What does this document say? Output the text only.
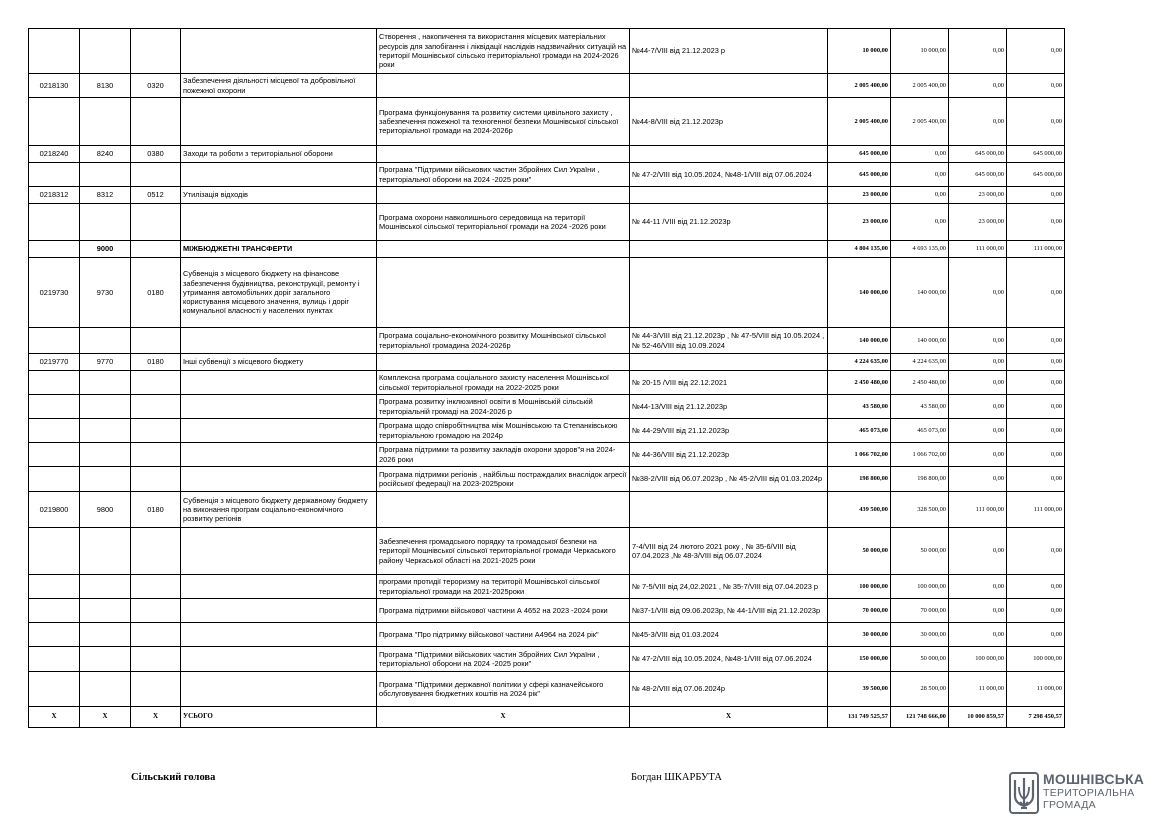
				Створення , накопичення та використання місцевих матеріальних ресурсів для запобігання і ліквідації наслідків надзвичайних ситуацій на території Мошнівської сільсько ітериторіальної громади на 2024-2026 роки	№44-7/VIII від 21.12.2023 р	10 000,00	10 000,00	0,00	0,00
0218130	8130	0320	Забезпечення діяльності місцевої та добровільної пожежної охорони			2 005 400,00	2 005 400,00	0,00	0,00
				Програма функціонування та розвитку системи цивільного захисту , забезпечення пожежної та техногенної безпеки Мошнівської сільської територіальної громади на 2024-2026р	№44-8/VIII від 21.12.2023р	2 005 400,00	2 005 400,00	0,00	0,00
0218240	8240	0380	Заходи та роботи з територіальної оборони			645 000,00	0,00	645 000,00	645 000,00
				Програма "Підтримки військових частин Збройних Сил України , територіальної оборони на 2024 -2025 роки"	№ 47-2/VIII від 10.05.2024, №48-1/VIII від 07.06.2024	645 000,00	0,00	645 000,00	645 000,00
0218312	8312	0512	Утилізація відходів			23 000,00	0,00	23 000,00	0,00
				Програма охорони навколишнього середовища на території Мошнівської сільської територіальної громади на 2024 -2026 роки	№ 44-11 /VIII від 21.12.2023р	23 000,00	0,00	23 000,00	0,00
	9000		МІЖБЮДЖЕТНІ ТРАНСФЕРТИ			4 804 135,00	4 693 135,00	111 000,00	111 000,00
0219730	9730	0180	Субвенція з місцевого бюджету на фінансове забезпечення будівництва, реконструкції, ремонту і утримання автомобільних доріг загального користування місцевого значення, вулиць і доріг комунальної власності у населених пунктах			140 000,00	140 000,00	0,00	0,00
				Програма соціально-економічного розвитку Мошнівської сільської територіальної громадина 2024-2026р	№ 44-3/VIII від 21.12.2023р , № 47-5/VIII від 10.05.2024 ,№ 52-46/VIII від 10.09.2024	140 000,00	140 000,00	0,00	0,00
0219770	9770	0180	Інші субвенції з місцевого бюджету			4 224 635,00	4 224 635,00	0,00	0,00
				Комплексна програма соціального захисту населення Мошнівської сільської територіальної громади на 2022-2025 роки	№ 20-15 /VIII від 22.12.2021	2 450 480,00	2 450 480,00	0,00	0,00
				Програма розвитку інклюзивної освіти в Мошнівській сільській територіальній громаді на 2024-2026 р	№44-13/VIII від 21.12.2023р	43 580,00	43 580,00	0,00	0,00
				Програма щодо співробітництва між Мошнівською та Степанківською територіальною громадою на 2024р	№ 44-29/VIII від 21.12.2023р	465 073,00	465 073,00	0,00	0,00
				Програма підтримки та розвитку закладів охорони здоров"я на 2024-2026 роки	№ 44-36/VIII від 21.12.2023р	1 066 702,00	1 066 702,00	0,00	0,00
				Програма підтримки регіонів , найбільш постраждалих внаслідок агресії російської федерації на 2023-2025роки	№38-2/VIII від 06.07.2023р , № 45-2/VIII від 01.03.2024р	198 800,00	198 800,00	0,00	0,00
0219800	9800	0180	Субвенція з місцевого бюджету державному бюджету на виконання програм соціально-економічного розвитку регіонів			439 500,00	328 500,00	111 000,00	111 000,00
				Забезпечення громадського порядку та громадської безпеки на території Мошнівської сільської територіальної громади Черкаського району Черкаської області на 2021-2025 роки	7-4/VIII від 24 лютого 2021 року , № 35-6/VIII від 07.04.2023 ,№ 48-3/VIII від 06.07.2024	50 000,00	50 000,00	0,00	0,00
				програми протидії тероризму на території Мошнівської сільської територіальної громади на 2021-2025роки	№ 7-5/VIII від 24,02.2021 , № 35-7/VIII від 07.04.2023 р	100 000,00	100 000,00	0,00	0,00
				Програма підтримки військової частини А 4652 на 2023 -2024 роки	№37-1/VIII від 09.06.2023р, № 44-1/VIII від 21.12.2023р	70 000,00	70 000,00	0,00	0,00
				Програма "Про підтримку військової частини А4964 на 2024 рік"	№45-3/VIII від 01.03.2024	30 000,00	30 000,00	0,00	0,00
				Програма "Підтримки військових частин Збройних Сил України , територіальної оборони на 2024 -2025 роки"	№ 47-2/VIII від 10.05.2024, №48-1/VIII від 07.06.2024	150 000,00	50 000,00	100 000,00	100 000,00
				Програма "Підтримки державної політики у сфері казначейського обслуговування бюджетних коштів на 2024 рік"	№ 48-2/VIII від 07.06.2024р	39 500,00	28 500,00	11 000,00	11 000,00
X	X	X	УСЬОГО	X	X	131 749 525,57	121 748 666,00	10 000 859,57	7 298 450,57
Сільський голова	Богдан ШКАРБУТА	МОШНІВСЬКА
ТЕРИТОРІАЛЬНА
ГРОМАДА
